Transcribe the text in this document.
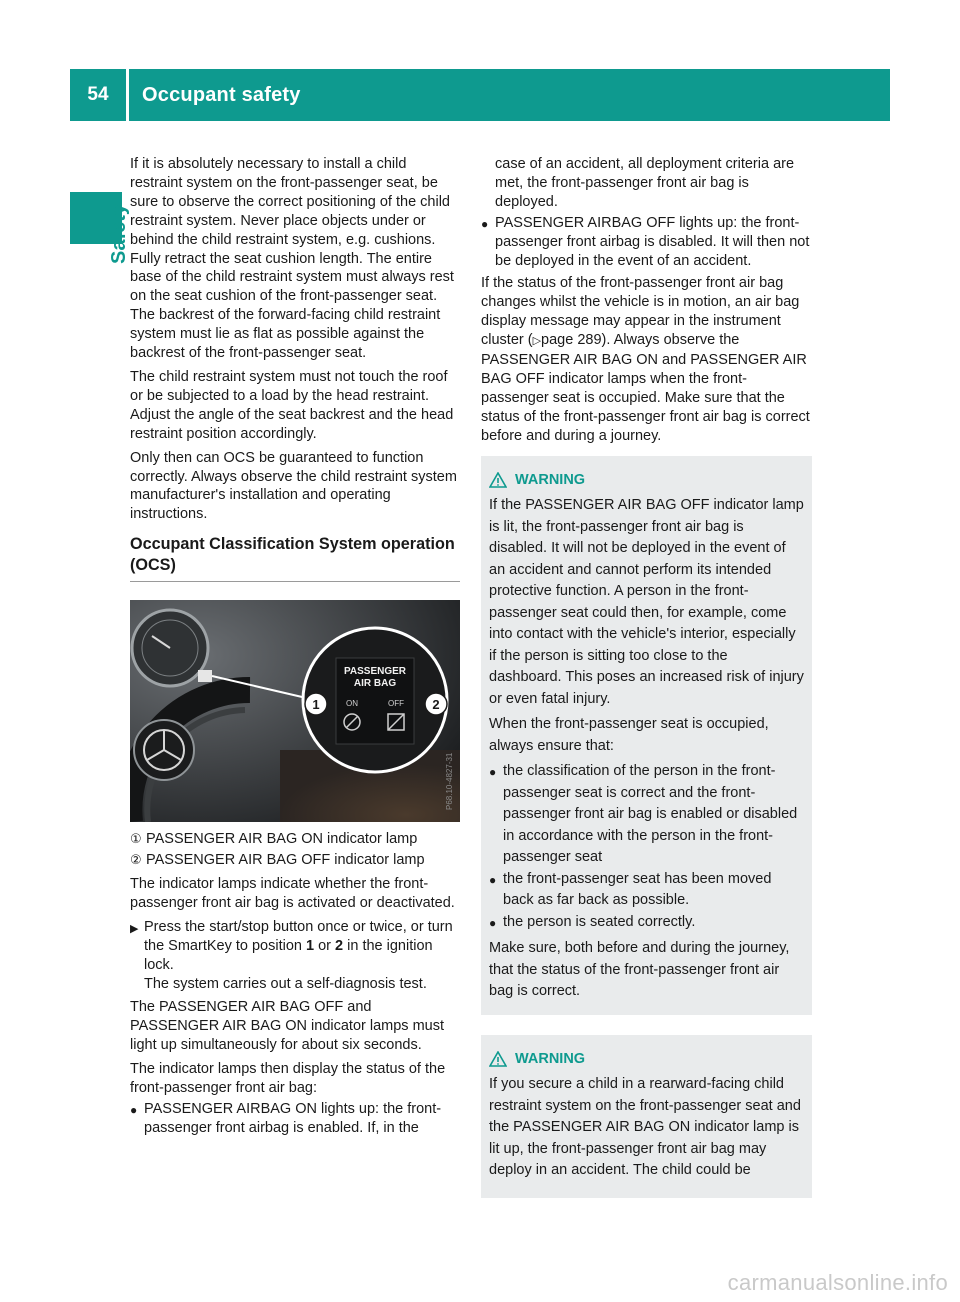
54	Occupant safety
Safety

If it is absolutely necessary to install a child restraint system on the front-passenger seat, be sure to observe the correct positioning of the child restraint system. Never place objects under or behind the child restraint system, e.g. cushions. Fully retract the seat cushion length. The entire base of the child restraint system must always rest on the seat cushion of the front-passenger seat. The backrest of the forward-facing child restraint system must lie as flat as possible against the backrest of the front-passenger seat.

The child restraint system must not touch the roof or be subjected to a load by the head restraint. Adjust the angle of the seat backrest and the head restraint position accordingly.

Only then can OCS be guaranteed to function correctly. Always observe the child restraint system manufacturer's installation and operating instructions.

Occupant Classification System operation (OCS)
PASSENGER
AIR BAG
ON	OFF
1	2
P68.10-4827-31
① PASSENGER AIR BAG ON indicator lamp
② PASSENGER AIR BAG OFF indicator lamp

The indicator lamps indicate whether the front-passenger front air bag is activated or deactivated.

▶ Press the start/stop button once or twice, or turn the SmartKey to position 1 or 2 in the ignition lock.
The system carries out a self-diagnosis test.

The PASSENGER AIR BAG OFF and PASSENGER AIR BAG ON indicator lamps must light up simultaneously for about six seconds.

The indicator lamps then display the status of the front-passenger front air bag:

● PASSENGER AIRBAG ON lights up: the front-passenger front airbag is enabled. If, in the
case of an accident, all deployment criteria are met, the front-passenger front air bag is deployed.
● PASSENGER AIRBAG OFF lights up: the front-passenger front airbag is disabled. It will then not be deployed in the event of an accident.

If the status of the front-passenger front air bag changes whilst the vehicle is in motion, an air bag display message may appear in the instrument cluster (▷page 289). Always observe the PASSENGER AIR BAG ON and PASSENGER AIR BAG OFF indicator lamps when the front-passenger seat is occupied. Make sure that the status of the front-passenger front air bag is correct before and during a journey.

WARNING

If the PASSENGER AIR BAG OFF indicator lamp is lit, the front-passenger front air bag is disabled. It will not be deployed in the event of an accident and cannot perform its intended protective function. A person in the front-passenger seat could then, for example, come into contact with the vehicle's interior, especially if the person is sitting too close to the dashboard. This poses an increased risk of injury or even fatal injury.

When the front-passenger seat is occupied, always ensure that:

● the classification of the person in the front-passenger seat is correct and the front-passenger front air bag is enabled or disabled in accordance with the person in the front-passenger seat
● the front-passenger seat has been moved back as far back as possible.
● the person is seated correctly.

Make sure, both before and during the journey, that the status of the front-passenger front air bag is correct.

WARNING

If you secure a child in a rearward-facing child restraint system on the front-passenger seat and the PASSENGER AIR BAG ON indicator lamp is lit up, the front-passenger front air bag may deploy in an accident. The child could be

carmanualsonline.info
